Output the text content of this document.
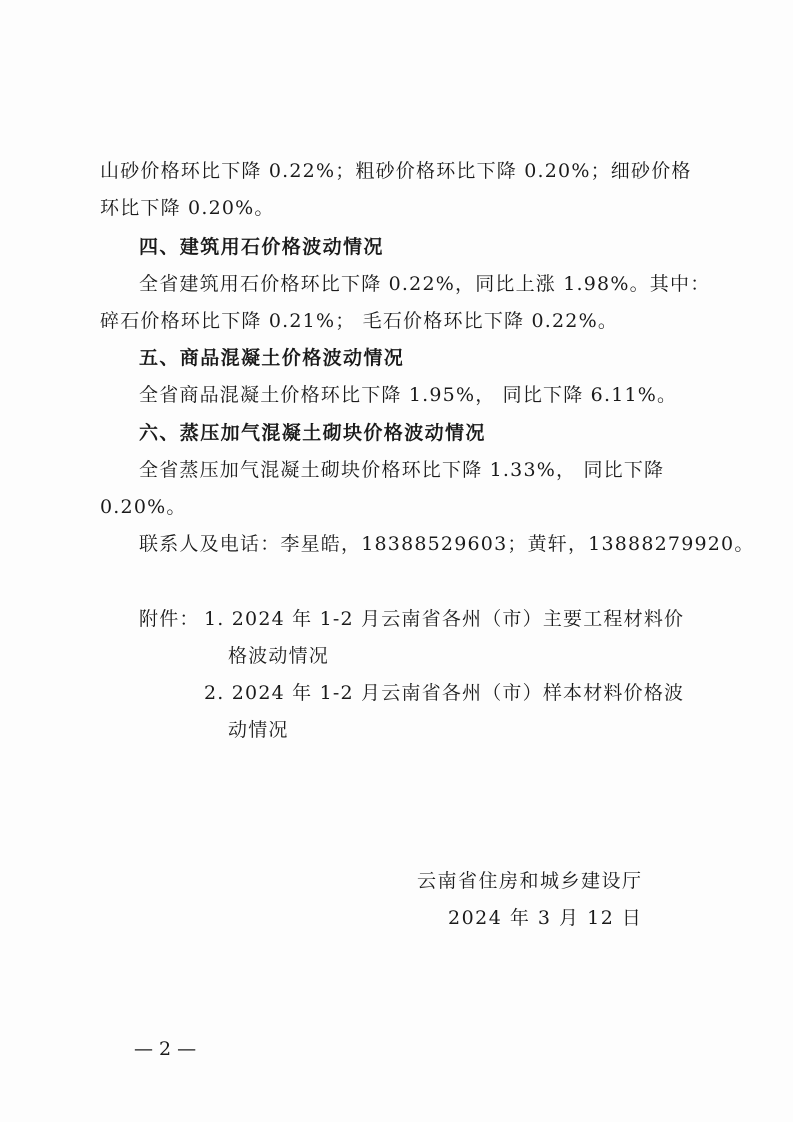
山砂价格环比下降 0.22%；粗砂价格环比下降 0.20%；细砂价格
环比下降 0.20%。
四、建筑用石价格波动情况
全省建筑用石价格环比下降 0.22%，同比上涨 1.98%。其中：
碎石价格环比下降 0.21%； 毛石价格环比下降 0.22%。
五、商品混凝土价格波动情况
全省商品混凝土价格环比下降 1.95%， 同比下降 6.11%。
六、蒸压加气混凝土砌块价格波动情况
全省蒸压加气混凝土砌块价格环比下降 1.33%， 同比下降
0.20%。
联系人及电话：李星皓，18388529603；黄轩，13888279920。
附件： 1. 2024 年 1-2 月云南省各州（市）主要工程材料价
格波动情况
2. 2024 年 1-2 月云南省各州（市）样本材料价格波
动情况
云南省住房和城乡建设厅
2024 年 3 月 12 日
— 2 —
